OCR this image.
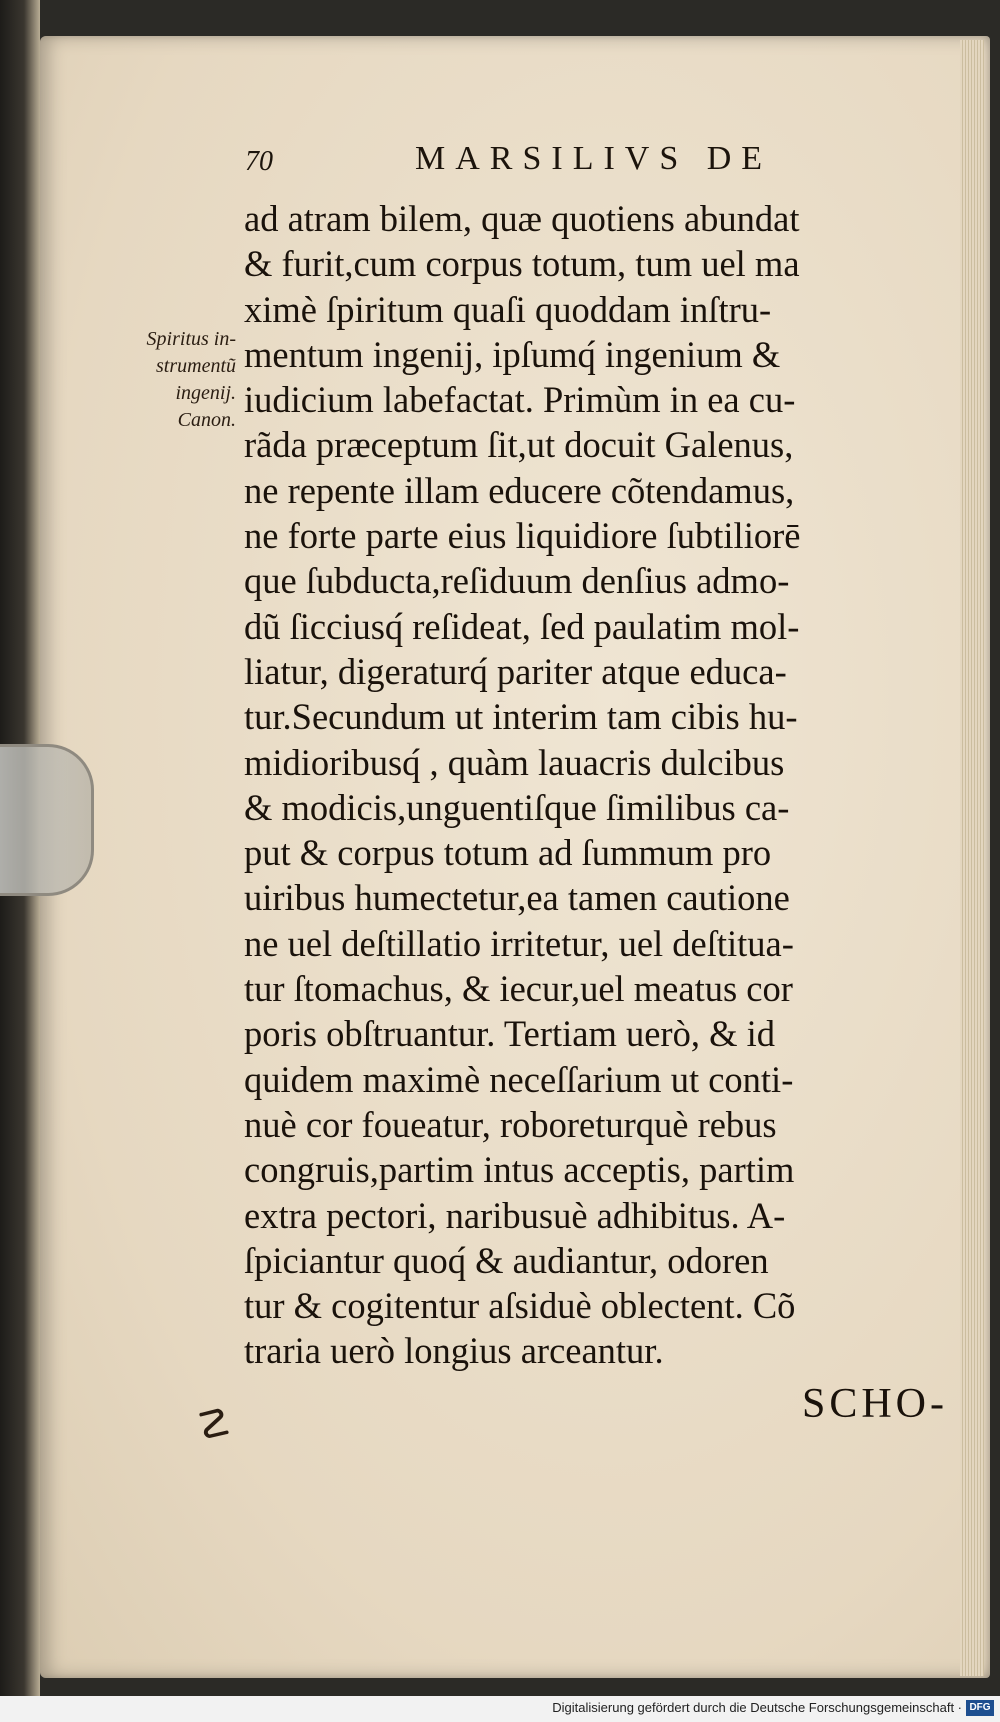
70	MARSILIVS DE
Spiritus in-
strumentũ
ingenij.
Canon.
ad atram bilem, quæ quotiens abundat
& furit,cum corpus totum, tum uel ma
ximè ſpiritum quaſi quoddam inſtru-
mentum ingenij, ipſumq́ ingenium &
iudicium labefactat. Primùm in ea cu-
rãda præceptum ſit,ut docuit Galenus,
ne repente illam educere cõtendamus,
ne forte parte eius liquidiore ſubtiliorē
que ſubducta,reſiduum denſius admo-
dũ ſicciusq́ reſideat, ſed paulatim mol-
liatur, digeraturq́ pariter atque educa-
tur.Secundum ut interim tam cibis hu-
midioribusq́ , quàm lauacris dulcibus
& modicis,unguentiſque ſimilibus ca-
put & corpus totum ad ſummum pro
uiribus humectetur,ea tamen cautione
ne uel deſtillatio irritetur, uel deſtitua-
tur ſtomachus, & iecur,uel meatus cor
poris obſtruantur. Tertiam uerò, & id
quidem maximè neceſſarium ut conti-
nuè cor foueatur, roboreturquè rebus
congruis,partim intus acceptis, partim
extra pectori, naribusuè adhibitus. A-
ſpiciantur quoq́ & audiantur, odoren
tur & cogitentur aſsiduè oblectent. Cõ
traria uerò longius arceantur.
SCHO-
☡
Digitalisierung gefördert durch die Deutsche Forschungsgemeinschaft · DFG
